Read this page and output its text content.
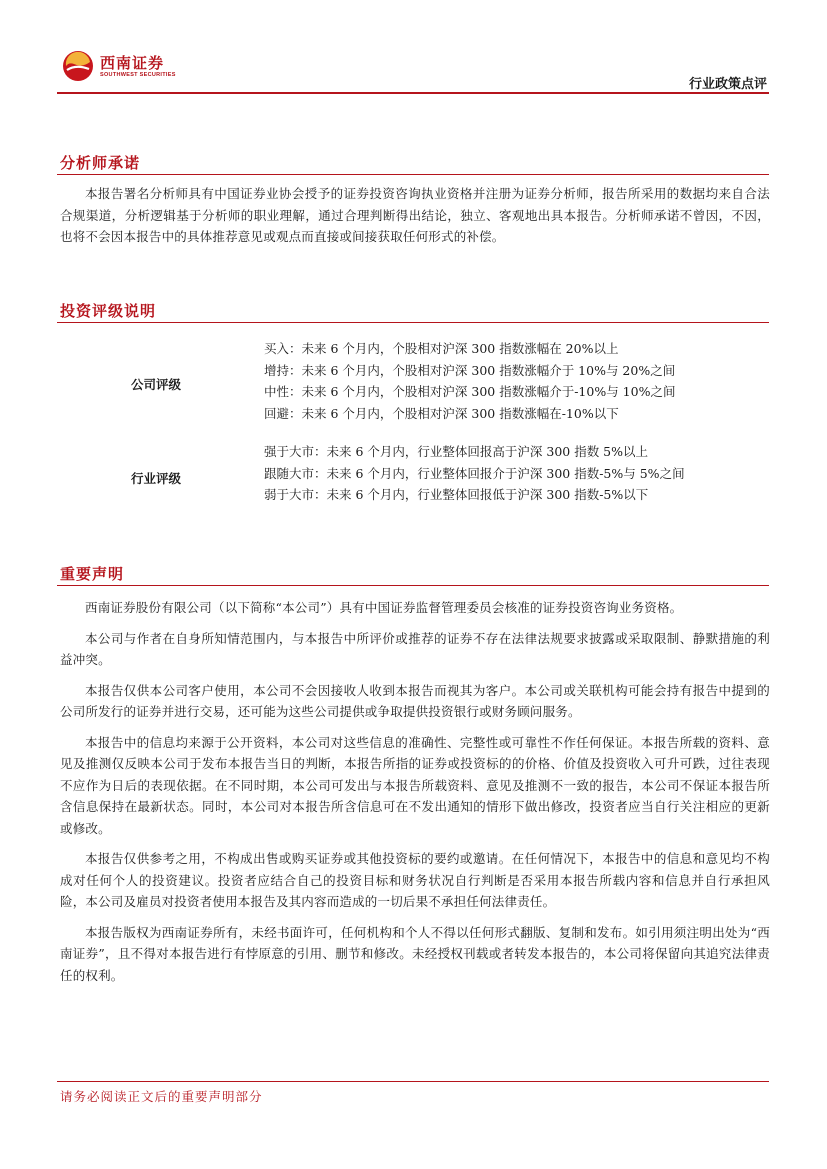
西南证券
SOUTHWEST SECURITIES
行业政策点评
分析师承诺

本报告署名分析师具有中国证券业协会授予的证券投资咨询执业资格并注册为证券分析师，报告所采用的数据均来自合法合规渠道，分析逻辑基于分析师的职业理解，通过合理判断得出结论，独立、客观地出具本报告。分析师承诺不曾因，不因，也将不会因本报告中的具体推荐意见或观点而直接或间接获取任何形式的补偿。

投资评级说明
公司评级
买入：未来 6 个月内，个股相对沪深 300 指数涨幅在 20%以上
增持：未来 6 个月内，个股相对沪深 300 指数涨幅介于 10%与 20%之间
中性：未来 6 个月内，个股相对沪深 300 指数涨幅介于-10%与 10%之间
回避：未来 6 个月内，个股相对沪深 300 指数涨幅在-10%以下
行业评级
强于大市：未来 6 个月内，行业整体回报高于沪深 300 指数 5%以上
跟随大市：未来 6 个月内，行业整体回报介于沪深 300 指数-5%与 5%之间
弱于大市：未来 6 个月内，行业整体回报低于沪深 300 指数-5%以下
重要声明

西南证券股份有限公司（以下简称“本公司”）具有中国证券监督管理委员会核准的证券投资咨询业务资格。

本公司与作者在自身所知情范围内，与本报告中所评价或推荐的证券不存在法律法规要求披露或采取限制、静默措施的利益冲突。

本报告仅供本公司客户使用，本公司不会因接收人收到本报告而视其为客户。本公司或关联机构可能会持有报告中提到的公司所发行的证券并进行交易，还可能为这些公司提供或争取提供投资银行或财务顾问服务。

本报告中的信息均来源于公开资料，本公司对这些信息的准确性、完整性或可靠性不作任何保证。本报告所载的资料、意见及推测仅反映本公司于发布本报告当日的判断，本报告所指的证券或投资标的的价格、价值及投资收入可升可跌，过往表现不应作为日后的表现依据。在不同时期，本公司可发出与本报告所载资料、意见及推测不一致的报告，本公司不保证本报告所含信息保持在最新状态。同时，本公司对本报告所含信息可在不发出通知的情形下做出修改，投资者应当自行关注相应的更新或修改。

本报告仅供参考之用，不构成出售或购买证券或其他投资标的要约或邀请。在任何情况下，本报告中的信息和意见均不构成对任何个人的投资建议。投资者应结合自己的投资目标和财务状况自行判断是否采用本报告所载内容和信息并自行承担风险，本公司及雇员对投资者使用本报告及其内容而造成的一切后果不承担任何法律责任。

本报告版权为西南证券所有，未经书面许可，任何机构和个人不得以任何形式翻版、复制和发布。如引用须注明出处为“西南证券”，且不得对本报告进行有悖原意的引用、删节和修改。未经授权刊载或者转发本报告的，本公司将保留向其追究法律责任的权利。

请务必阅读正文后的重要声明部分
